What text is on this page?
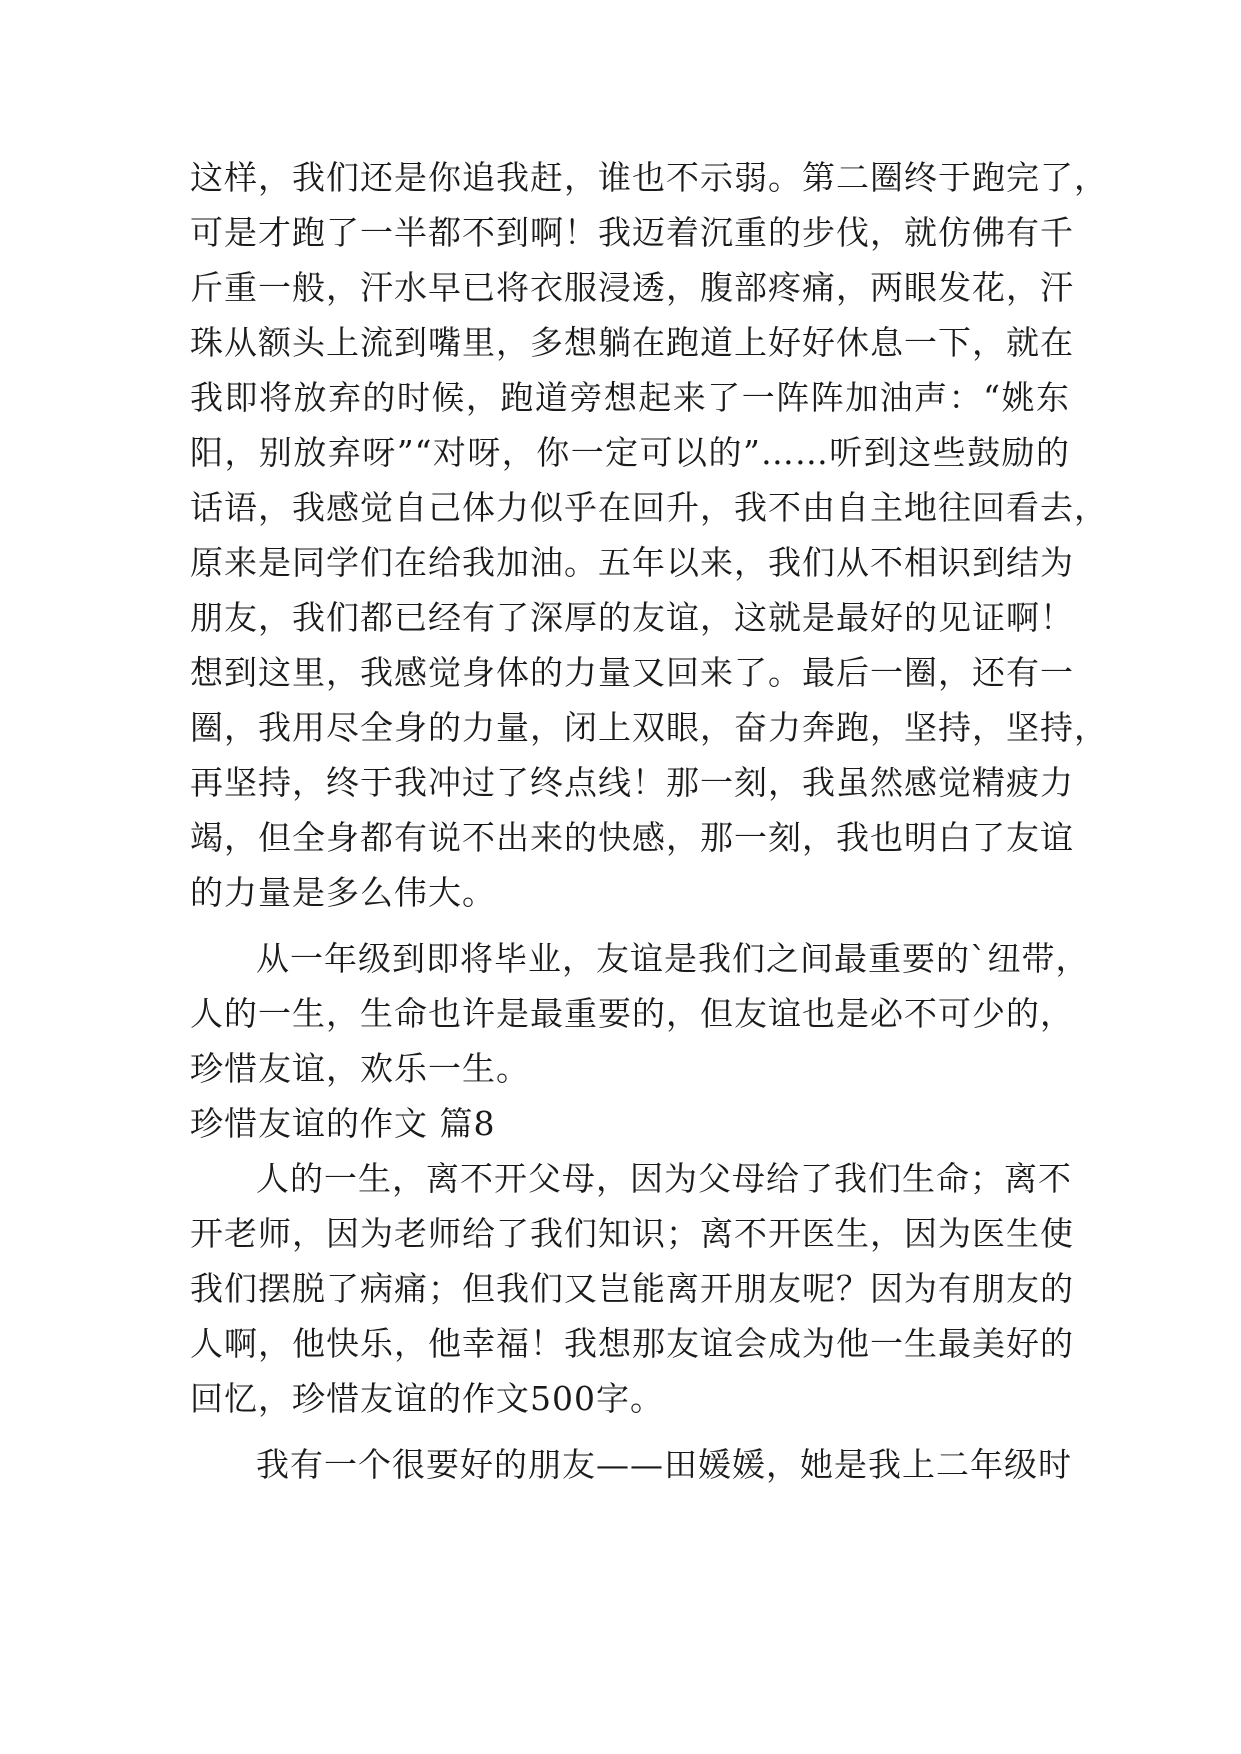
这样，我们还是你追我赶，谁也不示弱。第二圈终于跑完了，
可是才跑了一半都不到啊！我迈着沉重的步伐，就仿佛有千
斤重一般，汗水早已将衣服浸透，腹部疼痛，两眼发花，汗
珠从额头上流到嘴里，多想躺在跑道上好好休息一下，就在
我即将放弃的时候，跑道旁想起来了一阵阵加油声：“姚东
阳，别放弃呀”“对呀，你一定可以的”……听到这些鼓励的
话语，我感觉自己体力似乎在回升，我不由自主地往回看去，
原来是同学们在给我加油。五年以来，我们从不相识到结为
朋友，我们都已经有了深厚的友谊，这就是最好的见证啊！
想到这里，我感觉身体的力量又回来了。最后一圈，还有一
圈，我用尽全身的力量，闭上双眼，奋力奔跑，坚持，坚持，
再坚持，终于我冲过了终点线！那一刻，我虽然感觉精疲力
竭，但全身都有说不出来的快感，那一刻，我也明白了友谊
的力量是多么伟大。
从一年级到即将毕业，友谊是我们之间最重要的`纽带，
人的一生，生命也许是最重要的，但友谊也是必不可少的，
珍惜友谊，欢乐一生。
珍惜友谊的作文 篇8
人的一生，离不开父母，因为父母给了我们生命；离不
开老师，因为老师给了我们知识；离不开医生，因为医生使
我们摆脱了病痛；但我们又岂能离开朋友呢？因为有朋友的
人啊，他快乐，他幸福！我想那友谊会成为他一生最美好的
回忆，珍惜友谊的作文500字。
我有一个很要好的朋友——田媛媛，她是我上二年级时
